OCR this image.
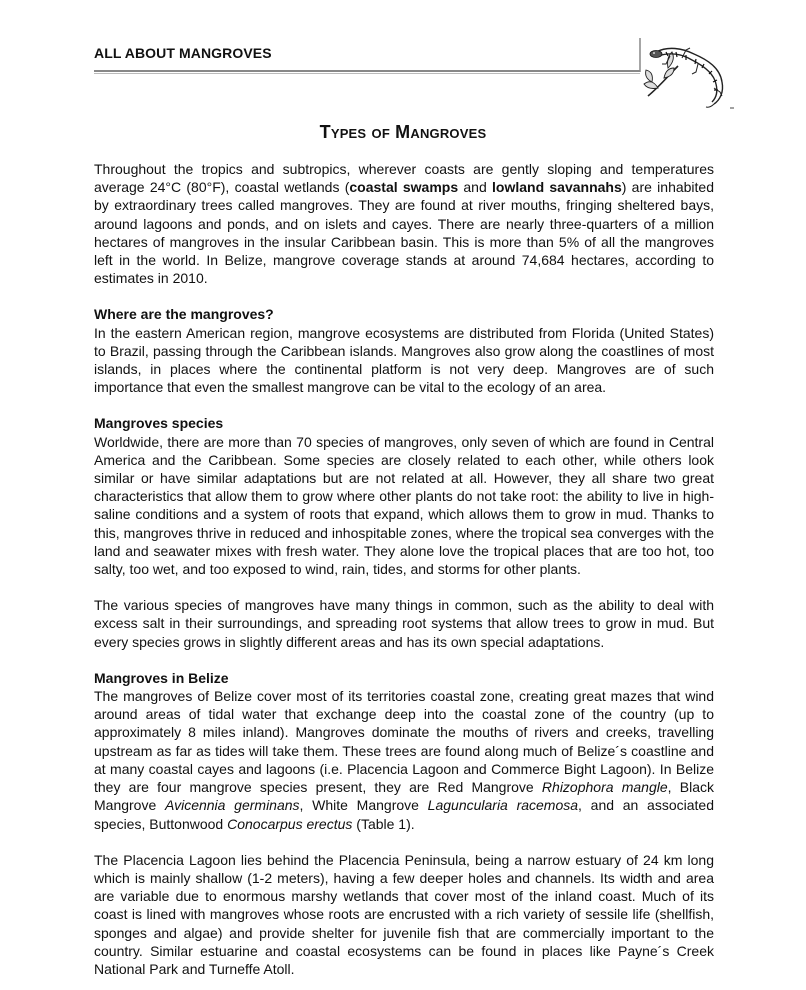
ALL ABOUT MANGROVES
Types of Mangroves

Throughout the tropics and subtropics, wherever coasts are gently sloping and temperatures average 24°C (80°F), coastal wetlands (coastal swamps and lowland savannahs) are inhabited by extraordinary trees called mangroves. They are found at river mouths, fringing sheltered bays, around lagoons and ponds, and on islets and cayes. There are nearly three-quarters of a million hectares of mangroves in the insular Caribbean basin. This is more than 5% of all the mangroves left in the world. In Belize, mangrove coverage stands at around 74,684 hectares, according to estimates in 2010.

Where are the mangroves?

In the eastern American region, mangrove ecosystems are distributed from Florida (United States) to Brazil, passing through the Caribbean islands. Mangroves also grow along the coastlines of most islands, in places where the continental platform is not very deep. Mangroves are of such importance that even the smallest mangrove can be vital to the ecology of an area.

Mangroves species

Worldwide, there are more than 70 species of mangroves, only seven of which are found in Central America and the Caribbean. Some species are closely related to each other, while others look similar or have similar adaptations but are not related at all. However, they all share two great characteristics that allow them to grow where other plants do not take root: the ability to live in high-saline conditions and a system of roots that expand, which allows them to grow in mud. Thanks to this, mangroves thrive in reduced and inhospitable zones, where the tropical sea converges with the land and seawater mixes with fresh water. They alone love the tropical places that are too hot, too salty, too wet, and too exposed to wind, rain, tides, and storms for other plants.

The various species of mangroves have many things in common, such as the ability to deal with excess salt in their surroundings, and spreading root systems that allow trees to grow in mud. But every species grows in slightly different areas and has its own special adaptations.

Mangroves in Belize

The mangroves of Belize cover most of its territories coastal zone, creating great mazes that wind around areas of tidal water that exchange deep into the coastal zone of the country (up to approximately 8 miles inland). Mangroves dominate the mouths of rivers and creeks, travelling upstream as far as tides will take them. These trees are found along much of Belize´s coastline and at many coastal cayes and lagoons (i.e. Placencia Lagoon and Commerce Bight Lagoon). In Belize they are four mangrove species present, they are Red Mangrove Rhizophora mangle, Black Mangrove Avicennia germinans, White Mangrove Laguncularia racemosa, and an associated species, Buttonwood Conocarpus erectus (Table 1).

The Placencia Lagoon lies behind the Placencia Peninsula, being a narrow estuary of 24 km long which is mainly shallow (1-2 meters), having a few deeper holes and channels. Its width and area are variable due to enormous marshy wetlands that cover most of the inland coast. Much of its coast is lined with mangroves whose roots are encrusted with a rich variety of sessile life (shellfish, sponges and algae) and provide shelter for juvenile fish that are commercially important to the country. Similar estuarine and coastal ecosystems can be found in places like Payne´s Creek National Park and Turneffe Atoll.
